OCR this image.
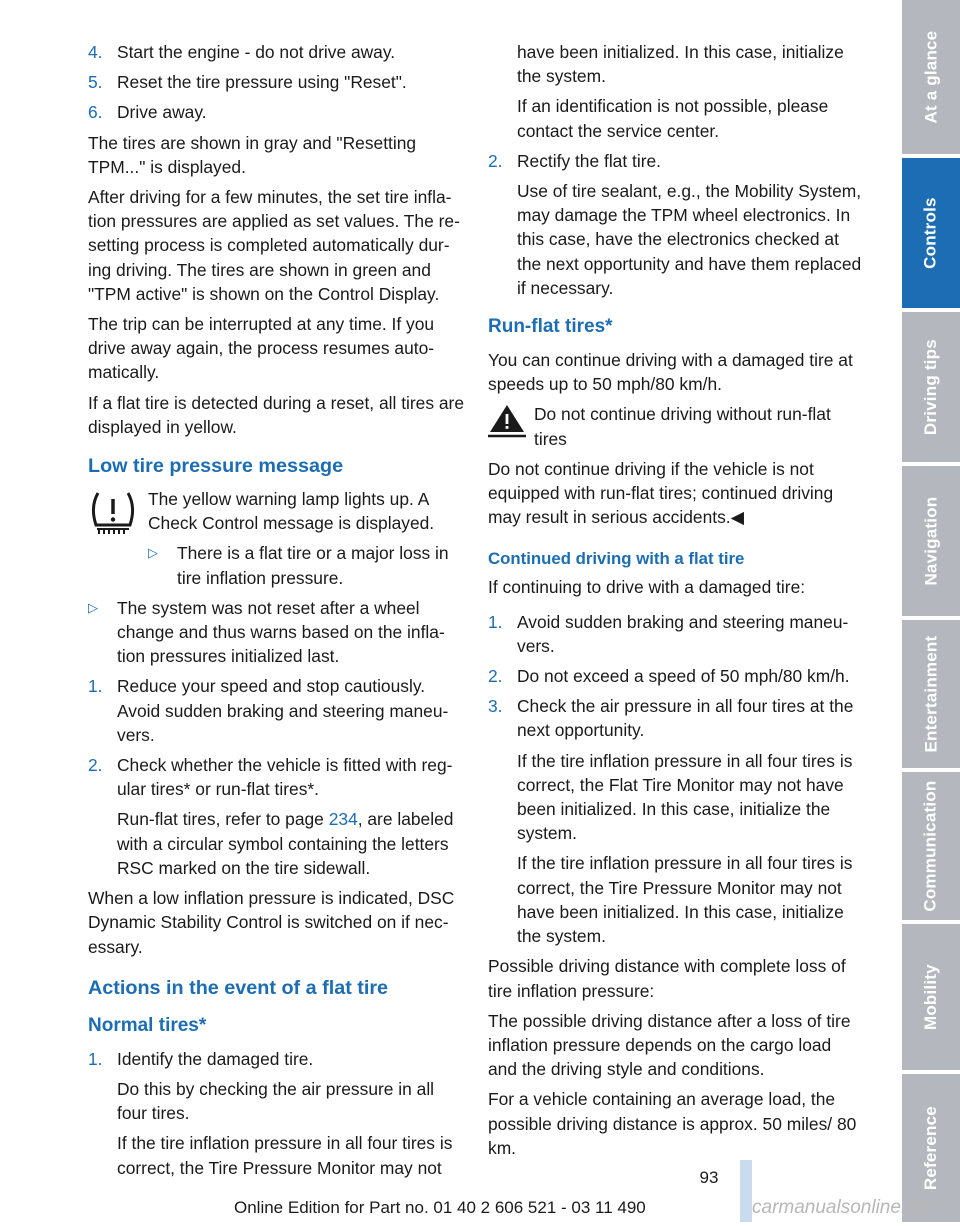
4. Start the engine - do not drive away.
5. Reset the tire pressure using "Reset".
6. Drive away.

The tires are shown in gray and "Resetting TPM..." is displayed.

After driving for a few minutes, the set tire inflation pressures are applied as set values. The resetting process is completed automatically during driving. The tires are shown in green and "TPM active" is shown on the Control Display.

The trip can be interrupted at any time. If you drive away again, the process resumes automatically.

If a flat tire is detected during a reset, all tires are displayed in yellow.

Low tire pressure message

The yellow warning lamp lights up. A Check Control message is displayed.

▷	There is a flat tire or a major loss in tire inflation pressure.
▷	The system was not reset after a wheel change and thus warns based on the inflation pressures initialized last.
1. Reduce your speed and stop cautiously. Avoid sudden braking and steering maneuvers.
2. Check whether the vehicle is fitted with regular tires* or run-flat tires*.

Run-flat tires, refer to page 234, are labeled with a circular symbol containing the letters RSC marked on the tire sidewall.

When a low inflation pressure is indicated, DSC Dynamic Stability Control is switched on if necessary.

Actions in the event of a flat tire
Normal tires*
1. Identify the damaged tire.

Do this by checking the air pressure in all four tires.

If the tire inflation pressure in all four tires is correct, the Tire Pressure Monitor may not

have been initialized. In this case, initialize the system.

If an identification is not possible, please contact the service center.

2. Rectify the flat tire.

Use of tire sealant, e.g., the Mobility System, may damage the TPM wheel electronics. In this case, have the electronics checked at the next opportunity and have them replaced if necessary.

Run-flat tires*

You can continue driving with a damaged tire at speeds up to 50 mph/80 km/h.

Do not continue driving without run-flat tires

Do not continue driving if the vehicle is not equipped with run-flat tires; continued driving may result in serious accidents.◀

Continued driving with a flat tire

If continuing to drive with a damaged tire:

1. Avoid sudden braking and steering maneuvers.
2. Do not exceed a speed of 50 mph/80 km/h.
3. Check the air pressure in all four tires at the next opportunity.

If the tire inflation pressure in all four tires is correct, the Flat Tire Monitor may not have been initialized. In this case, initialize the system.

If the tire inflation pressure in all four tires is correct, the Tire Pressure Monitor may not have been initialized. In this case, initialize the system.

Possible driving distance with complete loss of tire inflation pressure:

The possible driving distance after a loss of tire inflation pressure depends on the cargo load and the driving style and conditions.

For a vehicle containing an average load, the possible driving distance is approx. 50 miles/ 80 km.

At a glance
Controls
Driving tips
Navigation
Entertainment
Communication
Mobility
Reference
93
Online Edition for Part no. 01 40 2 606 521 - 03 11 490	carmanualsonline.info
